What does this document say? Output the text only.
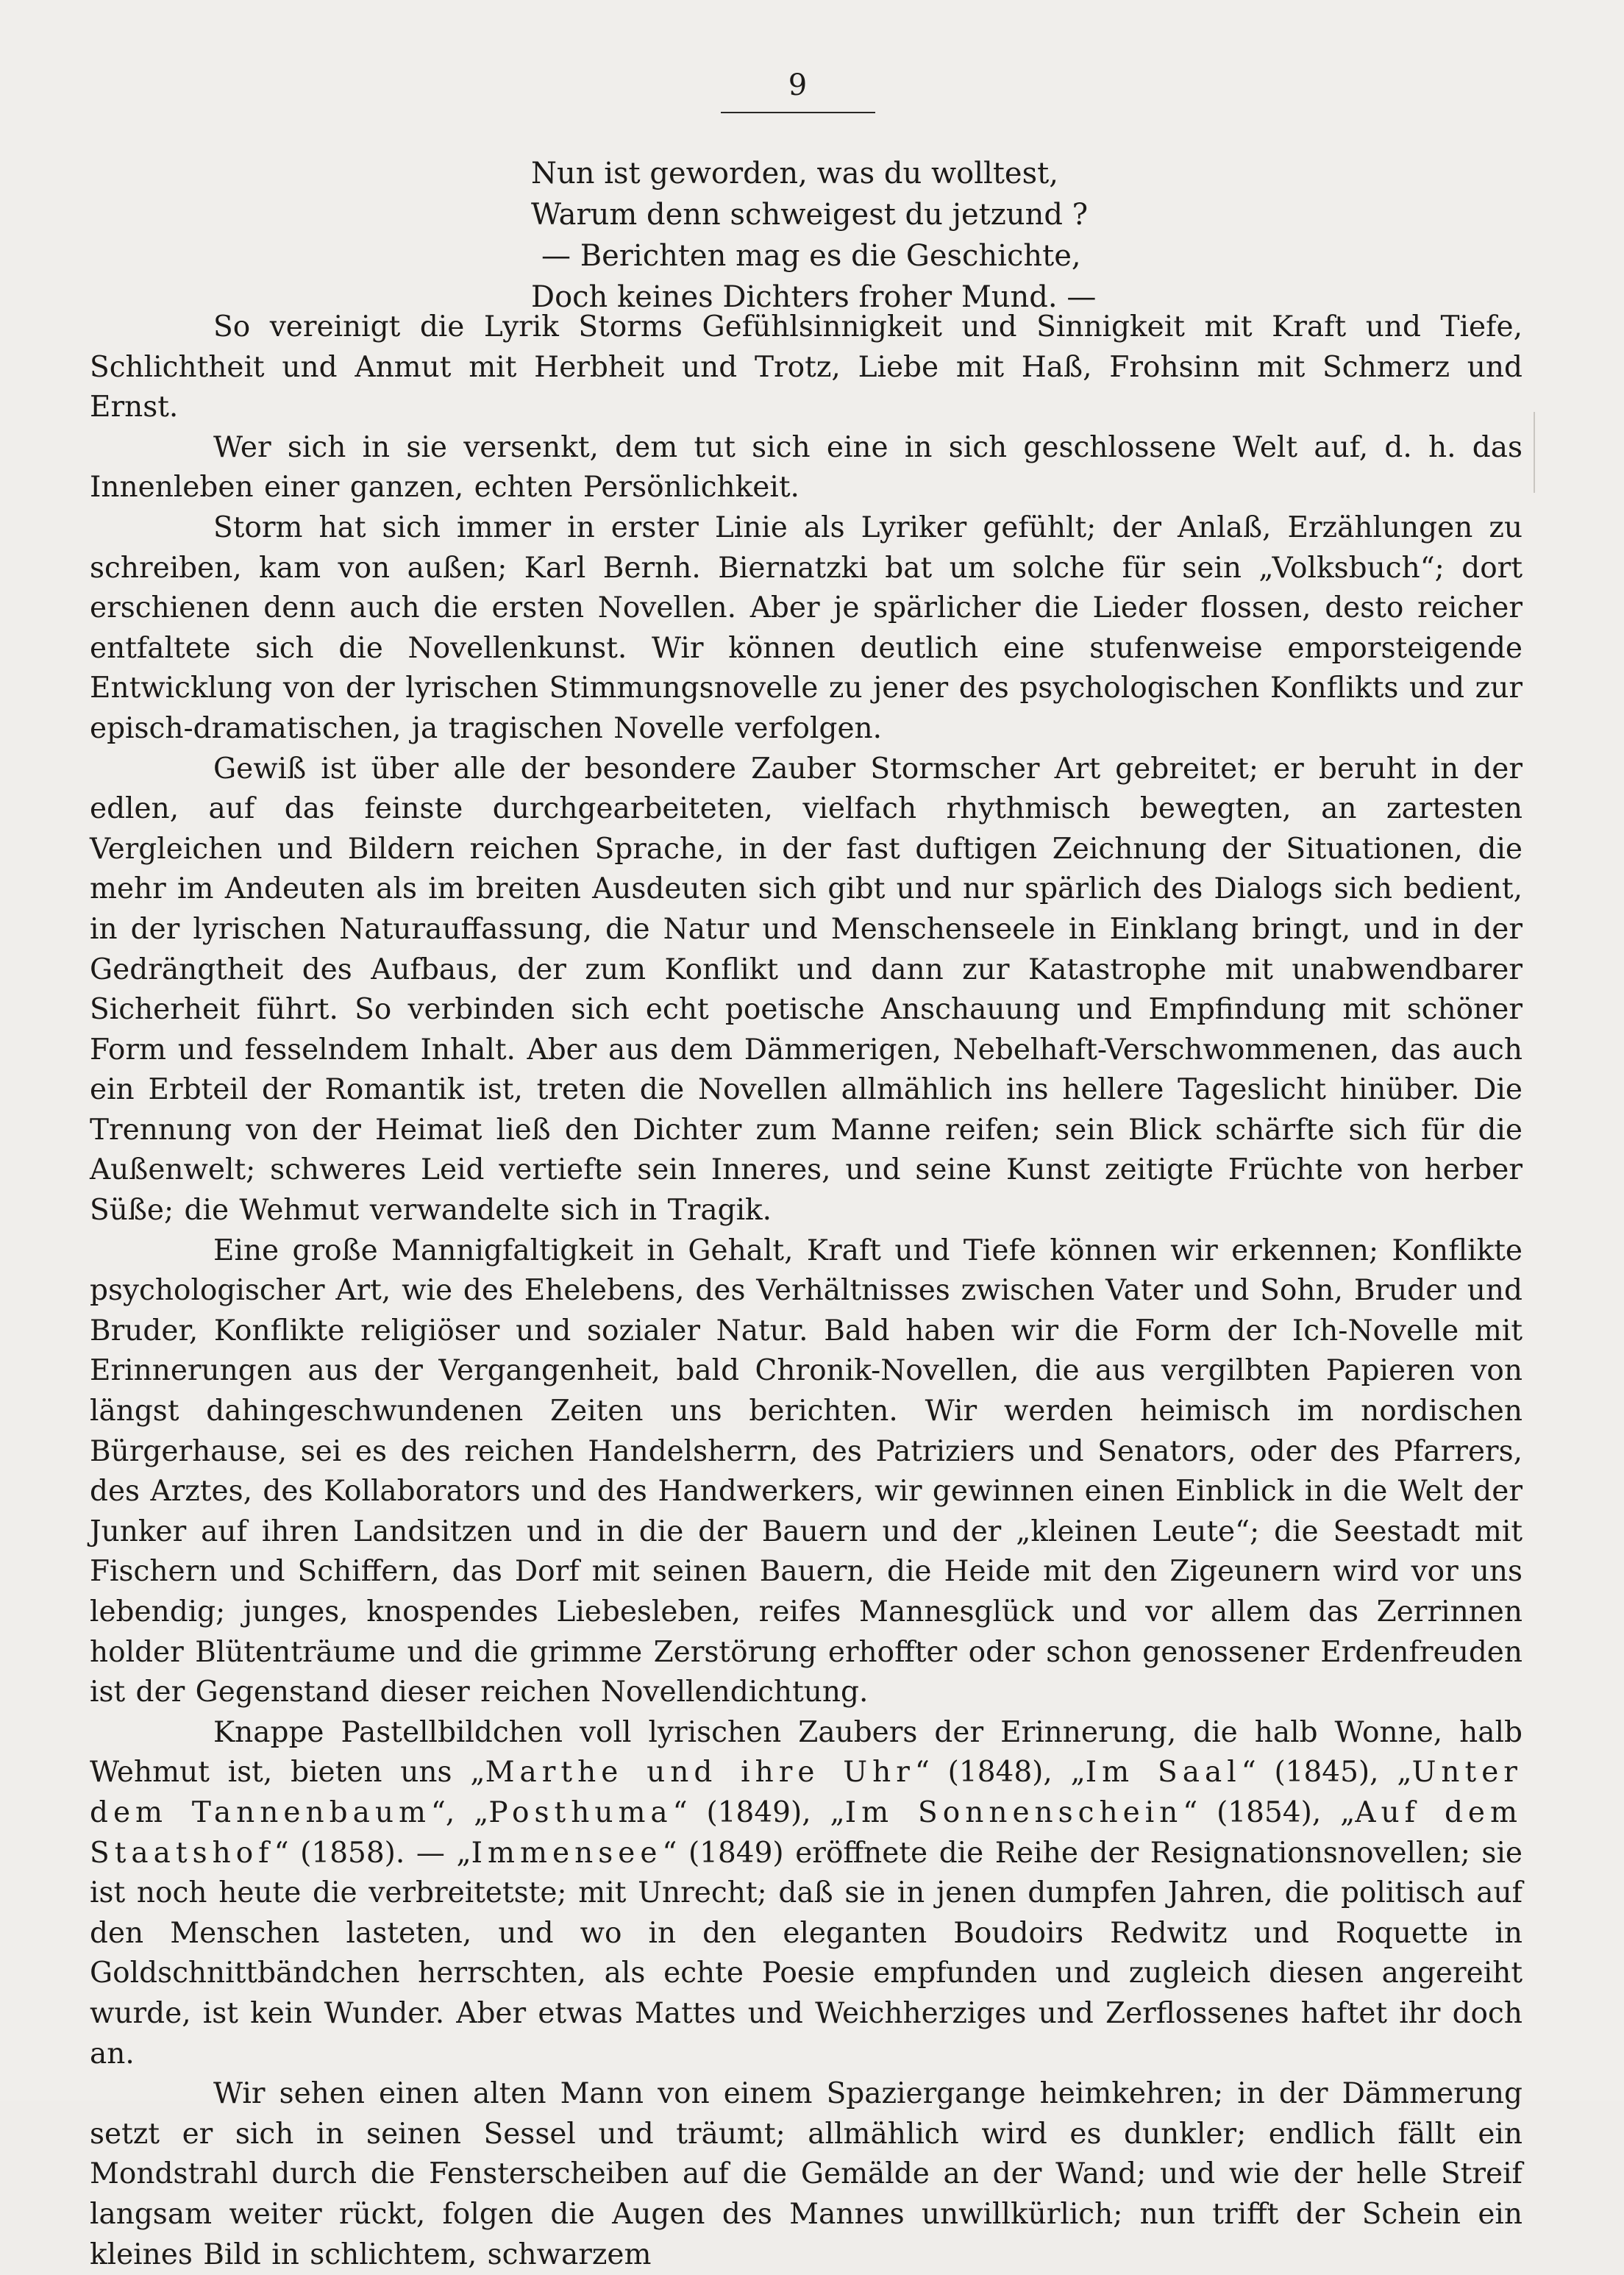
9
Nun ist geworden, was du wolltest,
Warum denn schweigest du jetzund ?
— Berichten mag es die Geschichte,
Doch keines Dichters froher Mund. —

So vereinigt die Lyrik Storms Gefühlsinnigkeit und Sinnigkeit mit Kraft und Tiefe, Schlichtheit und Anmut mit Herbheit und Trotz, Liebe mit Haß, Frohsinn mit Schmerz und Ernst.

Wer sich in sie versenkt, dem tut sich eine in sich geschlossene Welt auf, d. h. das Innenleben einer ganzen, echten Persönlichkeit.

Storm hat sich immer in erster Linie als Lyriker gefühlt; der Anlaß, Erzählungen zu schreiben, kam von außen; Karl Bernh. Biernatzki bat um solche für sein „Volksbuch“; dort erschienen denn auch die ersten Novellen. Aber je spärlicher die Lieder flossen, desto reicher entfaltete sich die Novellenkunst. Wir können deutlich eine stufenweise emporsteigende Entwicklung von der lyrischen Stimmungsnovelle zu jener des psychologischen Konflikts und zur episch-dramatischen, ja tragischen Novelle verfolgen.

Gewiß ist über alle der besondere Zauber Stormscher Art gebreitet; er beruht in der edlen, auf das feinste durchgearbeiteten, vielfach rhythmisch bewegten, an zartesten Vergleichen und Bildern reichen Sprache, in der fast duftigen Zeichnung der Situationen, die mehr im Andeuten als im breiten Ausdeuten sich gibt und nur spärlich des Dialogs sich bedient, in der lyrischen Naturauffassung, die Natur und Menschenseele in Einklang bringt, und in der Gedrängtheit des Aufbaus, der zum Konflikt und dann zur Katastrophe mit unabwendbarer Sicherheit führt. So verbinden sich echt poetische Anschauung und Empfindung mit schöner Form und fesselndem Inhalt. Aber aus dem Dämmerigen, Nebelhaft-Verschwommenen, das auch ein Erbteil der Romantik ist, treten die Novellen allmählich ins hellere Tageslicht hinüber. Die Trennung von der Heimat ließ den Dichter zum Manne reifen; sein Blick schärfte sich für die Außenwelt; schweres Leid vertiefte sein Inneres, und seine Kunst zeitigte Früchte von herber Süße; die Wehmut verwandelte sich in Tragik.

Eine große Mannigfaltigkeit in Gehalt, Kraft und Tiefe können wir erkennen; Konflikte psychologischer Art, wie des Ehelebens, des Verhältnisses zwischen Vater und Sohn, Bruder und Bruder, Konflikte religiöser und sozialer Natur. Bald haben wir die Form der Ich-Novelle mit Erinnerungen aus der Vergangenheit, bald Chronik-Novellen, die aus vergilbten Papieren von längst dahingeschwundenen Zeiten uns berichten. Wir werden heimisch im nordischen Bürgerhause, sei es des reichen Handelsherrn, des Patriziers und Senators, oder des Pfarrers, des Arztes, des Kollaborators und des Handwerkers, wir gewinnen einen Einblick in die Welt der Junker auf ihren Landsitzen und in die der Bauern und der „kleinen Leute“; die Seestadt mit Fischern und Schiffern, das Dorf mit seinen Bauern, die Heide mit den Zigeunern wird vor uns lebendig; junges, knospendes Liebesleben, reifes Mannesglück und vor allem das Zerrinnen holder Blütenträume und die grimme Zerstörung erhoffter oder schon genossener Erdenfreuden ist der Gegenstand dieser reichen Novellendichtung.

Knappe Pastellbildchen voll lyrischen Zaubers der Erinnerung, die halb Wonne, halb Wehmut ist, bieten uns „Marthe und ihre Uhr“ (1848), „Im Saal“ (1845), „Unter dem Tannenbaum“, „Posthuma“ (1849), „Im Sonnenschein“ (1854), „Auf dem Staatshof“ (1858). — „Immensee“ (1849) eröffnete die Reihe der Resignationsnovellen; sie ist noch heute die verbreitetste; mit Unrecht; daß sie in jenen dumpfen Jahren, die politisch auf den Menschen lasteten, und wo in den eleganten Boudoirs Redwitz und Roquette in Goldschnittbändchen herrschten, als echte Poesie empfunden und zugleich diesen angereiht wurde, ist kein Wunder. Aber etwas Mattes und Weichherziges und Zerflossenes haftet ihr doch an.

Wir sehen einen alten Mann von einem Spaziergange heimkehren; in der Dämmerung setzt er sich in seinen Sessel und träumt; allmählich wird es dunkler; endlich fällt ein Mondstrahl durch die Fensterscheiben auf die Gemälde an der Wand; und wie der helle Streif langsam weiter rückt, folgen die Augen des Mannes unwillkürlich; nun trifft der Schein ein kleines Bild in schlichtem, schwarzem
